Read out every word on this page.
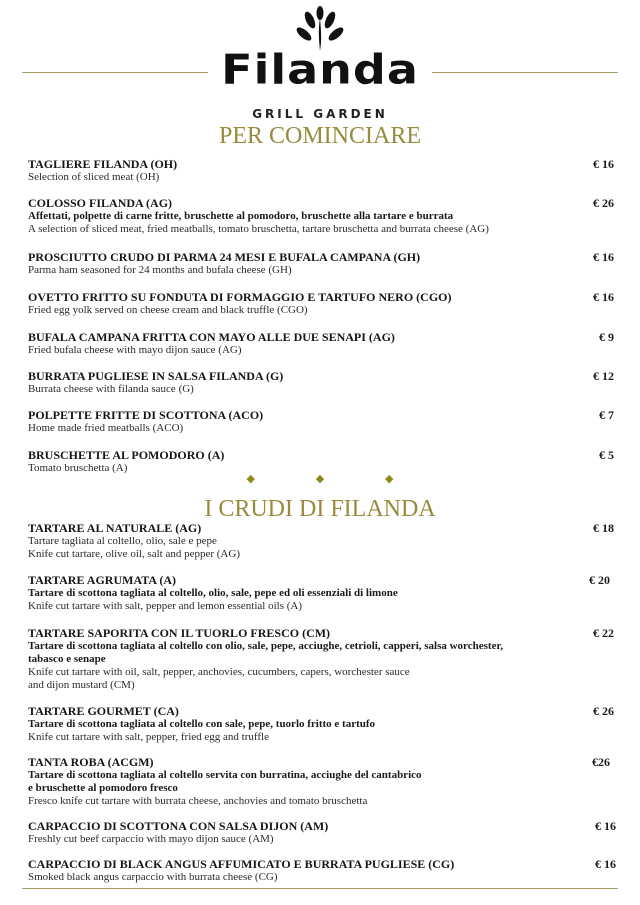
Filanda
GRILL GARDEN
PER COMINCIARE
TAGLIERE FILANDA (OH)	€ 16
Selection of sliced meat (OH)
COLOSSO FILANDA (AG)	€ 26
Affettati, polpette di carne fritte, bruschette al pomodoro, bruschette alla tartare e burrata
A selection of sliced meat, fried meatballs, tomato bruschetta, tartare bruschetta and burrata cheese (AG)
PROSCIUTTO CRUDO DI PARMA 24 MESI E BUFALA CAMPANA (GH)	€ 16
Parma ham seasoned for 24 months and bufala cheese (GH)
OVETTO FRITTO SU FONDUTA DI FORMAGGIO E TARTUFO NERO (CGO)	€ 16
Fried egg yolk served on cheese cream and black truffle (CGO)
BUFALA CAMPANA FRITTA CON MAYO ALLE DUE SENAPI (AG)	€ 9
Fried bufala cheese with mayo dijon sauce (AG)
BURRATA PUGLIESE IN SALSA FILANDA (G)	€ 12
Burrata cheese with filanda sauce (G)
POLPETTE FRITTE DI SCOTTONA (ACO)	€ 7
Home made fried meatballs (ACO)
BRUSCHETTE AL POMODORO (A)	€ 5
Tomato bruschetta (A)
◆ ◆ ◆
I CRUDI DI FILANDA
TARTARE AL NATURALE (AG)	€ 18
Tartare tagliata al coltello, olio, sale e pepe
Knife cut tartare, olive oil, salt and pepper (AG)
TARTARE AGRUMATA (A)	€ 20
Tartare di scottona tagliata al coltello, olio, sale, pepe ed oli essenziali di limone
Knife cut tartare with salt, pepper and lemon essential oils (A)
TARTARE SAPORITA CON IL TUORLO FRESCO (CM)	€ 22
Tartare di scottona tagliata al coltello con olio, sale, pepe, acciughe, cetrioli, capperi, salsa worchester,
tabasco e senape
Knife cut tartare with oil, salt, pepper, anchovies, cucumbers, capers, worchester sauce
and dijon mustard (CM)
TARTARE GOURMET (CA)	€ 26
Tartare di scottona tagliata al coltello con sale, pepe, tuorlo fritto e tartufo
Knife cut tartare with salt, pepper, fried egg and truffle
TANTA ROBA (ACGM)	€26
Tartare di scottona tagliata al coltello servita con burratina, acciughe del cantabrico
e bruschette al pomodoro fresco
Fresco knife cut tartare with burrata cheese, anchovies and tomato bruschetta
CARPACCIO DI SCOTTONA CON SALSA DIJON (AM)	€ 16
Freshly cut beef carpaccio with mayo dijon sauce (AM)
CARPACCIO DI BLACK ANGUS AFFUMICATO E BURRATA PUGLIESE (CG)	€ 16
Smoked black angus carpaccio with burrata cheese (CG)
